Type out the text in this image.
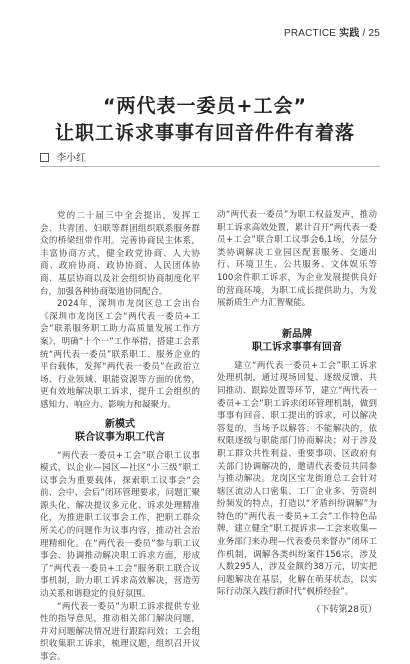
PRACTICE 实践 / 25
“两代表一委员+工会”
让职工诉求事事有回音件件有着落
李小红

党的二十届三中全会提出，发挥工会、共青团、妇联等群团组织联系服务群众的桥梁纽带作用。完善协商民主体系，丰富协商方式，健全政党协商、人大协商、政府协商、政协协商、人民团体协商、基层协商以及社会组织协商制度化平台，加强各种协商渠道协同配合。

2024年，深圳市龙岗区总工会出台《深圳市龙岗区工会“两代表一委员+工会”联系服务职工助力高质量发展工作方案》，明确“十个一”工作举措，搭建工会系统“两代表一委员”联系职工、服务企业的平台载体，发挥“两代表一委员”在政治立场、行业领域、职能资源等方面的优势，更有效地解决职工诉求，提升工会组织的感知力、响应力、影响力和凝聚力。

新模式
联合议事为职工代言

“两代表一委员+工会”联合职工议事模式，以企业—园区—社区“小三级”职工议事会为重要载体，探索职工议事会“会前、会中、会后”闭环管理要求，问题汇聚源头化、解决提议多元化、诉求处理精准化，为推进职工议事会工作，把职工群众所关心的问题作为议事内容，推动社会治理精细化。在“两代表一委员”参与职工议事会、协调推动解决职工诉求方面，形成了“两代表一委员+工会”服务职工联合议事机制，助力职工诉求高效解决，营造劳动关系和谐稳定的良好氛围。

“两代表一委员”为职工诉求提供专业性的指导意见，推动相关部门解决问题，并对问题解决情况进行跟踪问效；工会组织收集职工诉求，梳理议题，组织召开议事会。

动“两代表一委员”为职工权益发声，推动职工诉求高效处置，累计召开“两代表一委员+工会”联合职工议事会6.1场，分层分类协调解决工业园区配套服务、交通出行、环境卫生、公共服务、文体娱乐等100余件职工诉求，为企业发展提供良好的营商环境，为职工成长提供助力，为发展新质生产力汇智聚能。

新品牌
职工诉求事事有回音

建立“两代表一委员+工会”职工诉求处理机制，通过现场回复、逐级反馈、共同推动、跟踪处置等环节，建立“两代表一委员+工会”职工诉求闭环管理机制，做到事事有回音、职工提出的诉求，可以解决答复的，当场予以解答；不能解决的，依权限逐级与职能部门协商解决；对于涉及职工群众共性利益、重要事项、区政府有关部门协调解决的，邀请代表委员共同参与推动解决。龙岗区宝龙街道总工会针对辖区流动人口密集、工厂企业多、劳资纠纷频发的特点，打造以“矛盾纠纷调解”为特色的“两代表一委员+工会”工作特色品牌，建立健全“职工提诉求—工会来收集—业务部门来办理—代表委员来督办”闭环工作机制，调解各类纠纷案件156宗，涉及人数295人，涉及金额约38万元，切实把问题解决在基层，化解在萌芽状态，以实际行动深入践行新时代“枫桥经验”。

（下转第28页）
